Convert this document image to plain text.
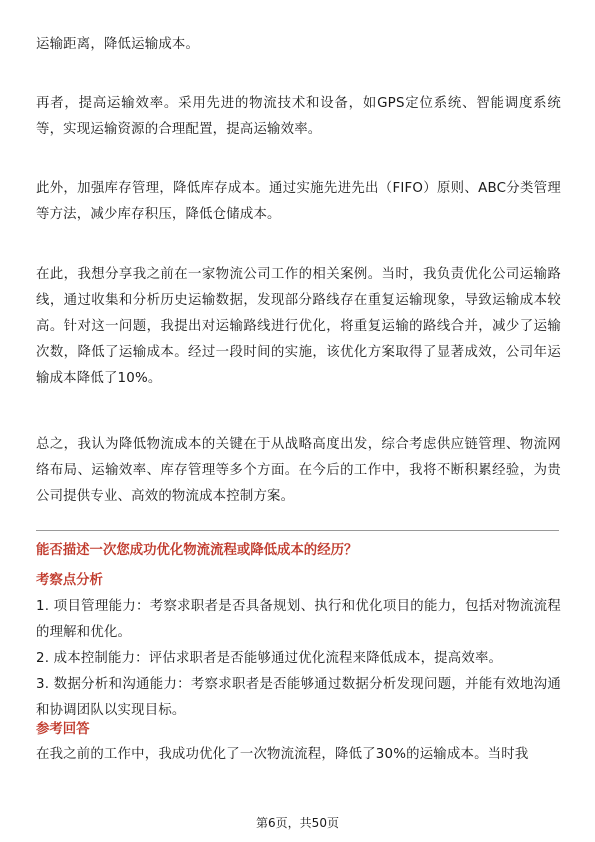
运输距离，降低运输成本。

再者，提高运输效率。采用先进的物流技术和设备，如GPS定位系统、智能调度系统等，实现运输资源的合理配置，提高运输效率。

此外，加强库存管理，降低库存成本。通过实施先进先出（FIFO）原则、ABC分类管理等方法，减少库存积压，降低仓储成本。

在此，我想分享我之前在一家物流公司工作的相关案例。当时，我负责优化公司运输路线，通过收集和分析历史运输数据，发现部分路线存在重复运输现象，导致运输成本较高。针对这一问题，我提出对运输路线进行优化，将重复运输的路线合并，减少了运输次数，降低了运输成本。经过一段时间的实施，该优化方案取得了显著成效，公司年运输成本降低了10%。

总之，我认为降低物流成本的关键在于从战略高度出发，综合考虑供应链管理、物流网络布局、运输效率、库存管理等多个方面。在今后的工作中，我将不断积累经验，为贵公司提供专业、高效的物流成本控制方案。

能否描述一次您成功优化物流流程或降低成本的经历？
考察点分析
1. 项目管理能力：考察求职者是否具备规划、执行和优化项目的能力，包括对物流流程的理解和优化。
2. 成本控制能力：评估求职者是否能够通过优化流程来降低成本，提高效率。
3. 数据分析和沟通能力：考察求职者是否能够通过数据分析发现问题，并能有效地沟通和协调团队以实现目标。
参考回答

在我之前的工作中，我成功优化了一次物流流程，降低了30%的运输成本。当时我

第6页，共50页
